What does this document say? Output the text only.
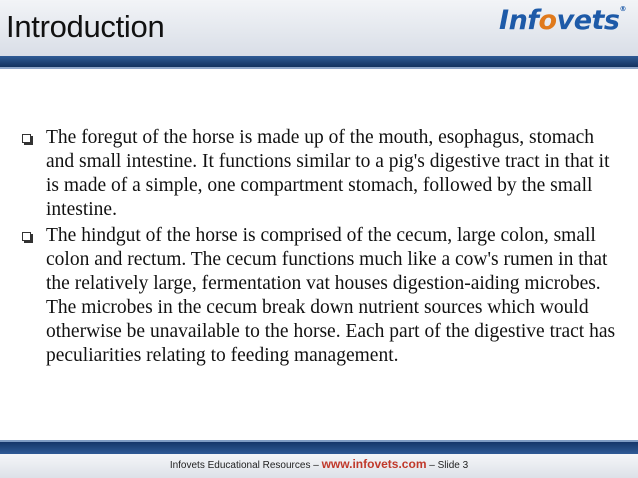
Introduction	Infovets®
The foregut of the horse is made up of the mouth, esophagus, stomach and small intestine. It functions similar to a pig's digestive tract in that it is made of a simple, one compartment stomach, followed by the small intestine.
The hindgut of the horse is comprised of the cecum, large colon, small colon and rectum. The cecum functions much like a cow's rumen in that the relatively large, fermentation vat houses digestion-aiding microbes. The microbes in the cecum break down nutrient sources which would otherwise be unavailable to the horse. Each part of the digestive tract has peculiarities relating to feeding management.
Infovets Educational Resources – www.infovets.com – Slide 3
